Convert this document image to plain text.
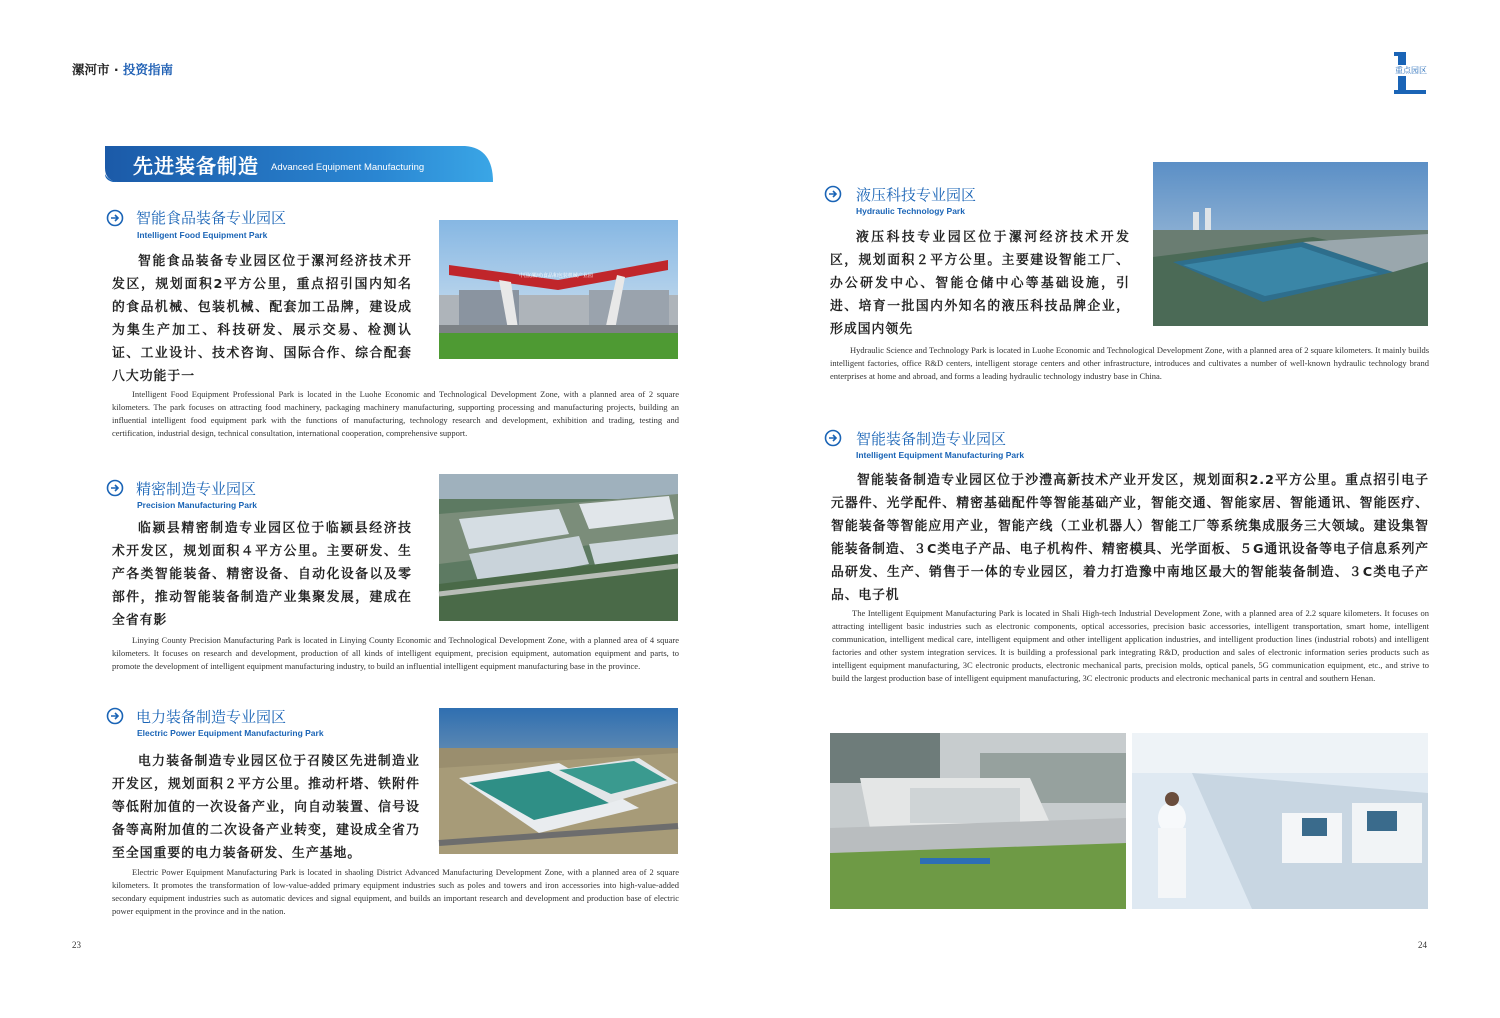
漯河市 · 投资指南	重点园区
先进装备制造 Advanced Equipment Manufacturing
智能食品装备专业园区
Intelligent Food Equipment Park
智能食品装备专业园区位于漯河经济技术开发区，规划面积2平方公里，重点招引国内知名的食品机械、包装机械、配套加工品牌，建设成为集生产加工、科技研发、展示交易、检测认证、工业设计、技术咨询、国际合作、综合配套八大功能于一
Intelligent Food Equipment Professional Park is located in the Luohe Economic and Technological Development Zone, with a planned area of 2 square kilometers. The park focuses on attracting food machinery, packaging machinery manufacturing, supporting processing and manufacturing projects, building an influential intelligent food equipment park with the functions of manufacturing, technology research and development, exhibition and trading, testing and certification, industrial design, technical consultation, international cooperation, comprehensive support.
中国(漯河)食品和包装机械产业园
精密制造专业园区
Precision Manufacturing Park
临颍县精密制造专业园区位于临颍县经济技术开发区，规划面积４平方公里。主要研发、生产各类智能装备、精密设备、自动化设备以及零部件，推动智能装备制造产业集聚发展，建成在全省有影
Linying County Precision Manufacturing Park is located in Linying County Economic and Technological Development Zone, with a planned area of 4 square kilometers. It focuses on research and development, production of all kinds of intelligent equipment, precision equipment, automation equipment and parts, to promote the development of intelligent equipment manufacturing industry, to build an influential intelligent equipment manufacturing base in the province.
电力装备制造专业园区
Electric Power Equipment Manufacturing Park
电力装备制造专业园区位于召陵区先进制造业开发区，规划面积２平方公里。推动杆塔、铁附件等低附加值的一次设备产业，向自动装置、信号设备等高附加值的二次设备产业转变，建设成全省乃至全国重要的电力装备研发、生产基地。
Electric Power Equipment Manufacturing Park is located in shaoling District Advanced Manufacturing Development Zone, with a planned area of 2 square kilometers. It promotes the transformation of low-value-added primary equipment industries such as poles and towers and iron accessories into high-value-added secondary equipment industries such as automatic devices and signal equipment, and builds an important research and development and production base of electric power equipment in the province and in the nation.
液压科技专业园区
Hydraulic Technology Park
液压科技专业园区位于漯河经济技术开发区，规划面积２平方公里。主要建设智能工厂、办公研发中心、智能仓储中心等基础设施，引进、培育一批国内外知名的液压科技品牌企业，形成国内领先
Hydraulic Science and Technology Park is located in Luohe Economic and Technological Development Zone, with a planned area of 2 square kilometers. It mainly builds intelligent factories, office R&D centers, intelligent storage centers and other infrastructure, introduces and cultivates a number of well-known hydraulic technology brand enterprises at home and abroad, and forms a leading hydraulic technology industry base in China.
智能装备制造专业园区
Intelligent Equipment Manufacturing Park
智能装备制造专业园区位于沙澧高新技术产业开发区，规划面积2.2平方公里。重点招引电子元器件、光学配件、精密基础配件等智能基础产业，智能交通、智能家居、智能通讯、智能医疗、智能装备等智能应用产业，智能产线（工业机器人）智能工厂等系统集成服务三大领域。建设集智能装备制造、３C类电子产品、电子机构件、精密模具、光学面板、５G通讯设备等电子信息系列产品研发、生产、销售于一体的专业园区，着力打造豫中南地区最大的智能装备制造、３C类电子产品、电子机
The Intelligent Equipment Manufacturing Park is located in Shali High-tech Industrial Development Zone, with a planned area of 2.2 square kilometers. It focuses on attracting intelligent basic industries such as electronic components, optical accessories, precision basic accessories, intelligent transportation, smart home, intelligent communication, intelligent medical care, intelligent equipment and other intelligent application industries, and intelligent production lines (industrial robots) and intelligent factories and other system integration services. It is building a professional park integrating R&D, production and sales of electronic information series products such as intelligent equipment manufacturing, 3C electronic products, electronic mechanical parts, precision molds, optical panels, 5G communication equipment, etc., and strive to build the largest production base of intelligent equipment manufacturing, 3C electronic products and electronic mechanical parts in central and southern Henan.
23	24
